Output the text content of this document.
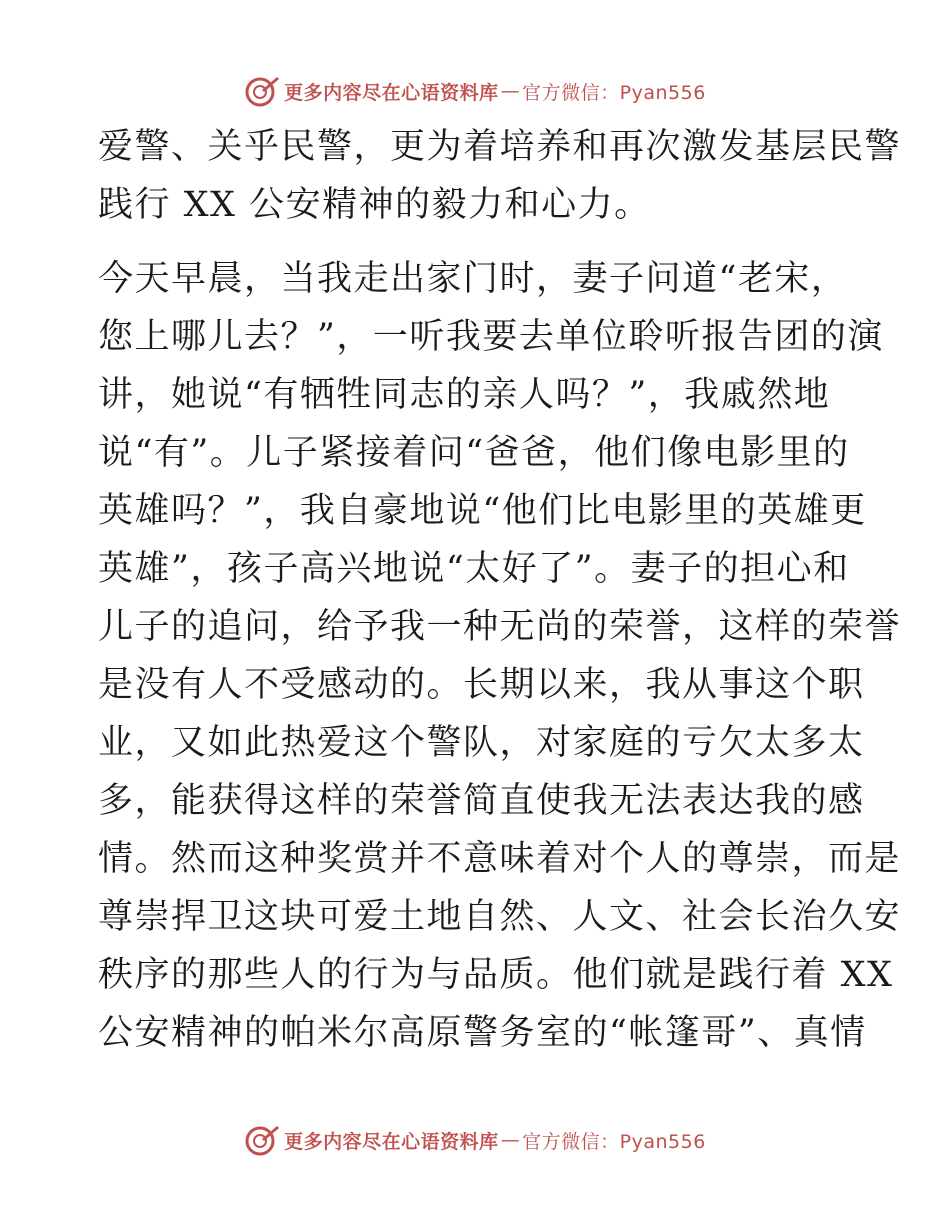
更多内容尽在心语资料库 — 官方微信：Pyan556
爱警、关乎民警，更为着培养和再次激发基层民警
践行 XX 公安精神的毅力和心力。
今天早晨，当我走出家门时，妻子问道“老宋，
您上哪儿去？”，一听我要去单位聆听报告团的演
讲，她说“有牺牲同志的亲人吗？”，我戚然地
说“有”。儿子紧接着问“爸爸，他们像电影里的
英雄吗？”，我自豪地说“他们比电影里的英雄更
英雄”，孩子高兴地说“太好了”。妻子的担心和
儿子的追问，给予我一种无尚的荣誉，这样的荣誉
是没有人不受感动的。长期以来，我从事这个职
业，又如此热爱这个警队，对家庭的亏欠太多太
多，能获得这样的荣誉简直使我无法表达我的感
情。然而这种奖赏并不意味着对个人的尊崇，而是
尊崇捍卫这块可爱土地自然、人文、社会长治久安
秩序的那些人的行为与品质。他们就是践行着 XX
公安精神的帕米尔高原警务室的“帐篷哥”、真情
更多内容尽在心语资料库 — 官方微信：Pyan556
